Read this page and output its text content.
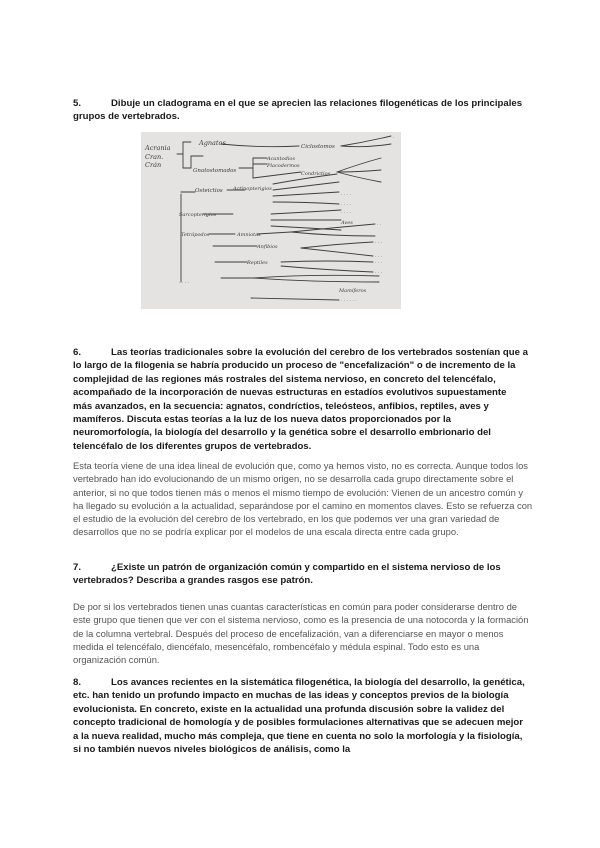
5.	Dibuje un cladograma en el que se aprecien las relaciones filogenéticas de los principales grupos de vertebrados.
Acrania
Cran.
Crán
Agnatos	Ciclostomos
Gnatostomados
Acantodios
Placodermos
Condrictios
Osteictios Actinopterigios
Sarcopterigios
Tetrápodos	Amniotas
Anfibios
Reptiles
Aves
Mamíferos
.
· · · ·
· · · ·
· · · ·
· ·
· · ·
· · ·
· · ·
· · ·
· · · ·
· · · · · ·
6.	Las teorías tradicionales sobre la evolución del cerebro de los vertebrados sostenían que a lo largo de la filogenia se habría producido un proceso de "encefalización" o de incremento de la complejidad de las regiones más rostrales del sistema nervioso, en concreto del telencéfalo, acompañado de la incorporación de nuevas estructuras en estadíos evolutivos supuestamente más avanzados, en la secuencia: agnatos, condríctios, teleósteos, anfibios, reptiles, aves y mamíferos. Discuta estas teorías a la luz de los nueva datos proporcionados por la neuromorfología, la biología del desarrollo y la genética sobre el desarrollo embrionario del telencéfalo de los diferentes grupos de vertebrados.
Esta teoría viene de una idea lineal de evolución que, como ya hemos visto, no es correcta. Aunque todos los vertebrado han ido evolucionando de un mismo origen, no se desarrolla cada grupo directamente sobre el anterior, si no que todos tienen más o menos el mismo tiempo de evolución: Vienen de un ancestro común y ha llegado su evolución a la actualidad, separándose por el camino en momentos claves. Esto se refuerza con el estudio de la evolución del cerebro de los vertebrado, en los que podemos ver una gran variedad de desarrollos que no se podría explicar por el modelos de una escala directa entre cada grupo.
7.	¿Existe un patrón de organización común y compartido en el sistema nervioso de los vertebrados? Describa a grandes rasgos ese patrón.
De por si los vertebrados tienen unas cuantas características en común para poder considerarse dentro de este grupo que tienen que ver con el sistema nervioso, como es la presencia de una notocorda y la formación de la columna vertebral. Después del proceso de encefalización, van a diferenciarse en mayor o menos medida el telencéfalo, diencéfalo, mesencéfalo, rombencéfalo y médula espinal. Todo esto es una organización común.
8.	Los avances recientes en la sistemática filogenética, la biología del desarrollo, la genética, etc. han tenido un profundo impacto en muchas de las ideas y conceptos previos de la biología evolucionista. En concreto, existe en la actualidad una profunda discusión sobre la validez del concepto tradicional de homología y de posibles formulaciones alternativas que se adecuen mejor a la nueva realidad, mucho más compleja, que tiene en cuenta no solo la morfología y la fisiología, si no también nuevos niveles biológicos de análisis, como la
